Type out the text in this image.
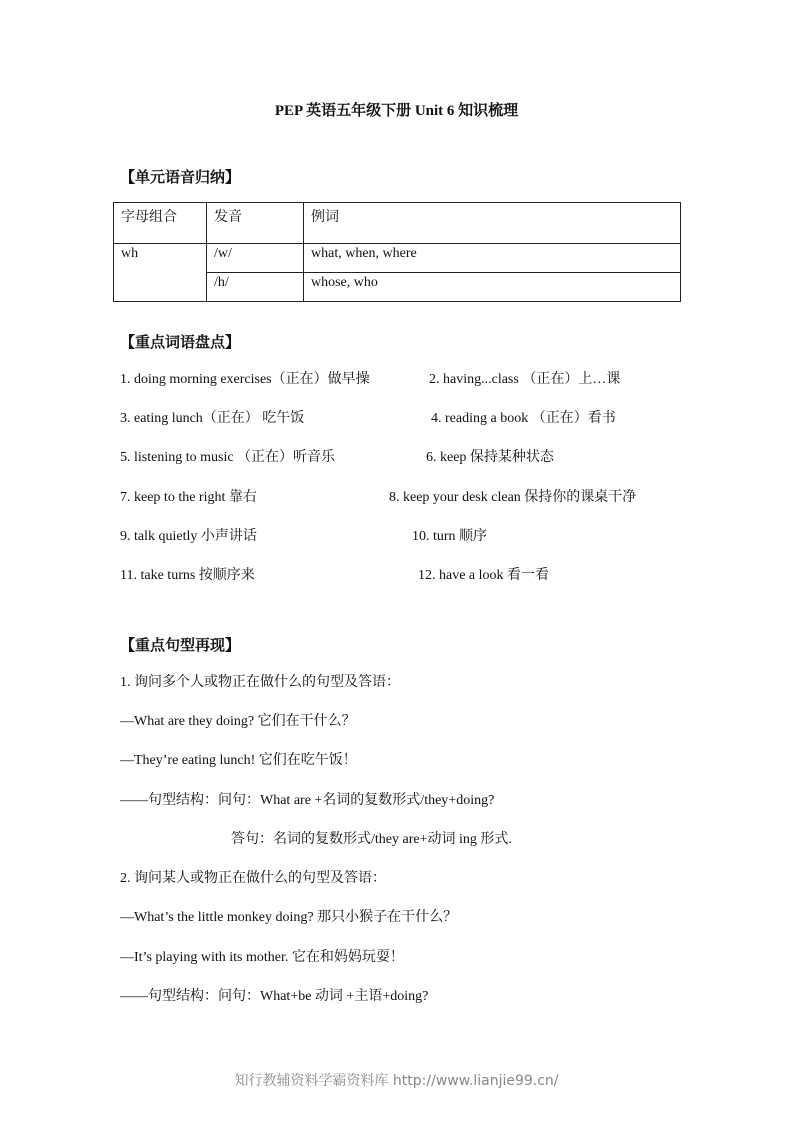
PEP 英语五年级下册 Unit 6 知识梳理
【单元语音归纳】
字母组合	发音	例词
wh	/w/	what, when, where
	/h/	whose, who
【重点词语盘点】
1. doing morning exercises（正在）做早操	2. having...class （正在）上…课
3. eating lunch（正在） 吃午饭	4. reading a book （正在）看书
5. listening to music （正在）听音乐	6. keep 保持某种状态
7. keep to the right 靠右	8. keep your desk clean 保持你的课桌干净
9. talk quietly 小声讲话	10. turn 顺序
11. take turns 按顺序来	12. have a look 看一看
【重点句型再现】
1. 询问多个人或物正在做什么的句型及答语：
—What are they doing? 它们在干什么？
—They’re eating lunch! 它们在吃午饭！
——句型结构：问句：What are +名词的复数形式/they+doing?
答句：名词的复数形式/they are+动词 ing 形式.
2. 询问某人或物正在做什么的句型及答语：
—What’s the little monkey doing? 那只小猴子在干什么？
—It’s playing with its mother. 它在和妈妈玩耍！
——句型结构：问句：What+be 动词 +主语+doing?
知行教辅资料学霸资料库 http://www.lianjie99.cn/
